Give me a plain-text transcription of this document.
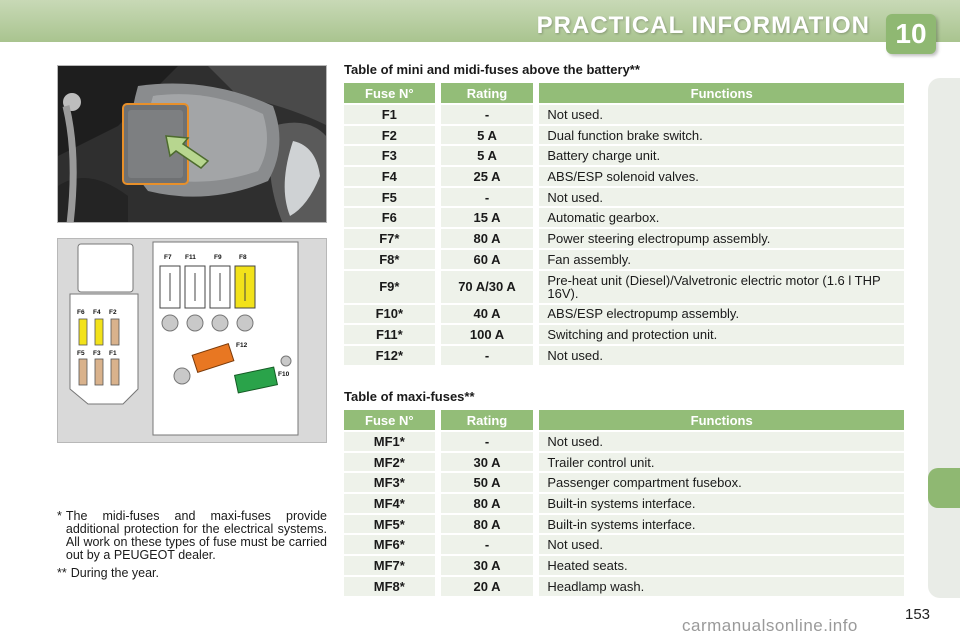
PRACTICAL INFORMATION 10
F7 F11	F9	F8
F6 F4 F2
F5 F3 F1
F12
F10
Table of mini and midi-fuses above the battery**
Fuse N°		Rating		Functions
F1		-		Not used.
F2		5 A		Dual function brake switch.
F3		5 A		Battery charge unit.
F4		25 A		ABS/ESP solenoid valves.
F5		-		Not used.
F6		15 A		Automatic gearbox.
F7*		80 A		Power steering electropump assembly.
F8*		60 A		Fan assembly.
F9*		70 A/30 A		Pre-heat unit (Diesel)/Valvetronic electric motor (1.6 l THP 16V).
F10*		40 A		ABS/ESP electropump assembly.
F11*		100 A		Switching and protection unit.
F12*		-		Not used.
Table of maxi-fuses**
Fuse N°		Rating		Functions
MF1*		-		Not used.
MF2*		30 A		Trailer control unit.
MF3*		50 A		Passenger compartment fusebox.
MF4*		80 A		Built-in systems interface.
MF5*		80 A		Built-in systems interface.
MF6*		-		Not used.
MF7*		30 A		Heated seats.
MF8*		20 A		Headlamp wash.
* The midi-fuses and maxi-fuses provide additional protection for the electrical systems. All work on these types of fuse must be carried out by a PEUGEOT dealer.
** During the year.
153
carmanualsonline.info
